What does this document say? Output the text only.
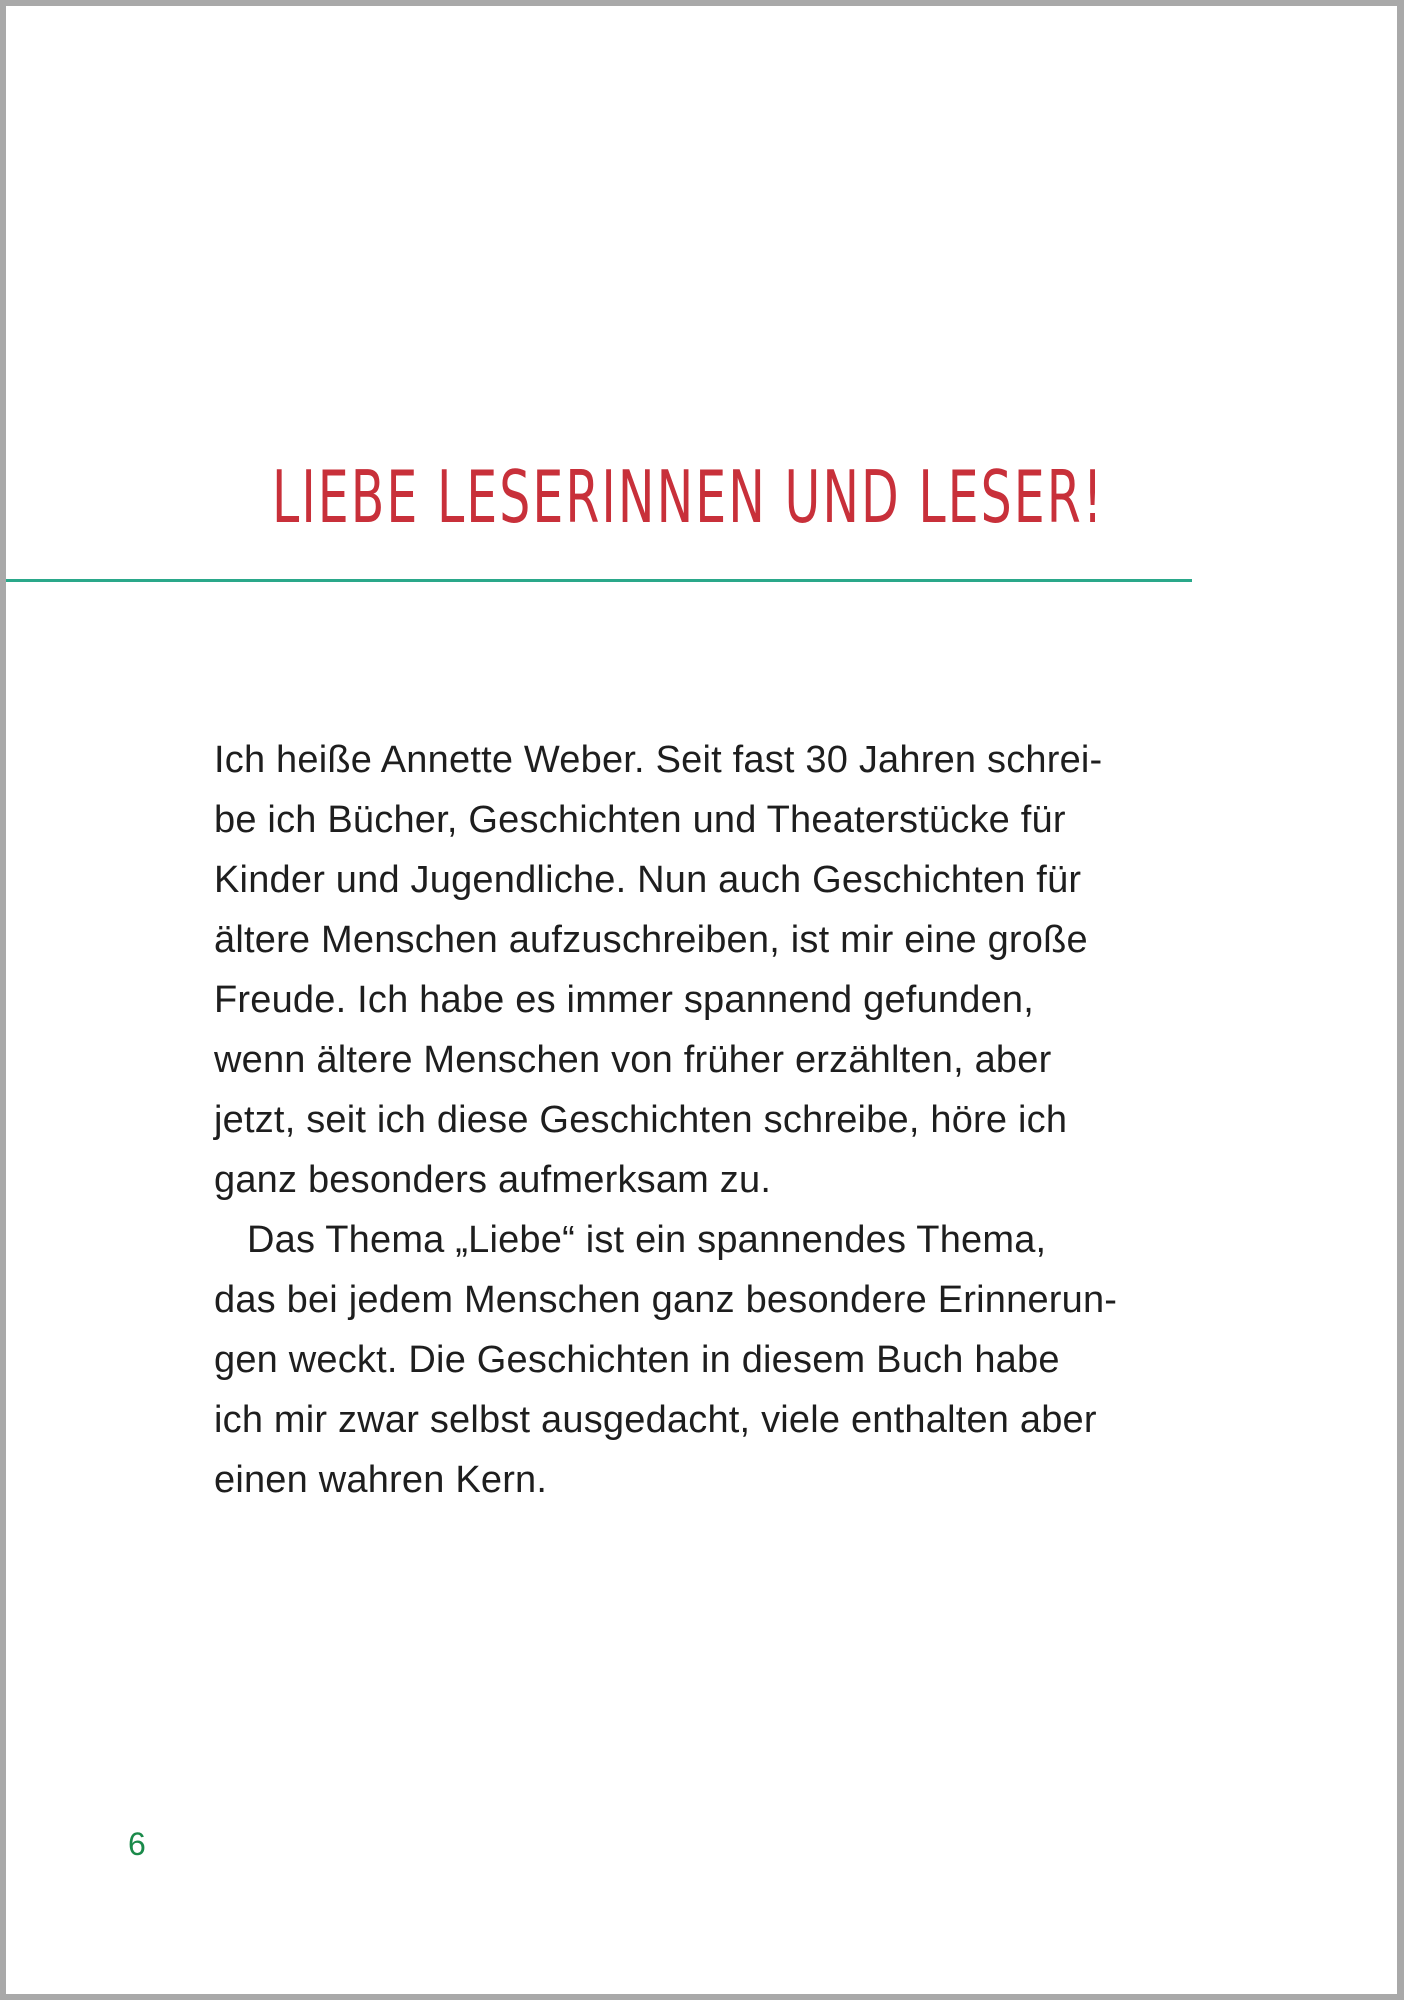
LIEBE LESERINNEN UND LESER!
Ich heiße Annette Weber. Seit fast 30 Jahren schrei-
be ich Bücher, Geschichten und Theaterstücke für
Kinder und Jugendliche. Nun auch Geschichten für
ältere Menschen aufzuschreiben, ist mir eine große
Freude. Ich habe es immer spannend gefunden,
wenn ältere Menschen von früher erzählten, aber
jetzt, seit ich diese Geschichten schreibe, höre ich
ganz besonders aufmerksam zu.
Das Thema „Liebe“ ist ein spannendes Thema,
das bei jedem Menschen ganz besondere Erinnerun-
gen weckt. Die Geschichten in diesem Buch habe
ich mir zwar selbst ausgedacht, viele enthalten aber
einen wahren Kern.
6
